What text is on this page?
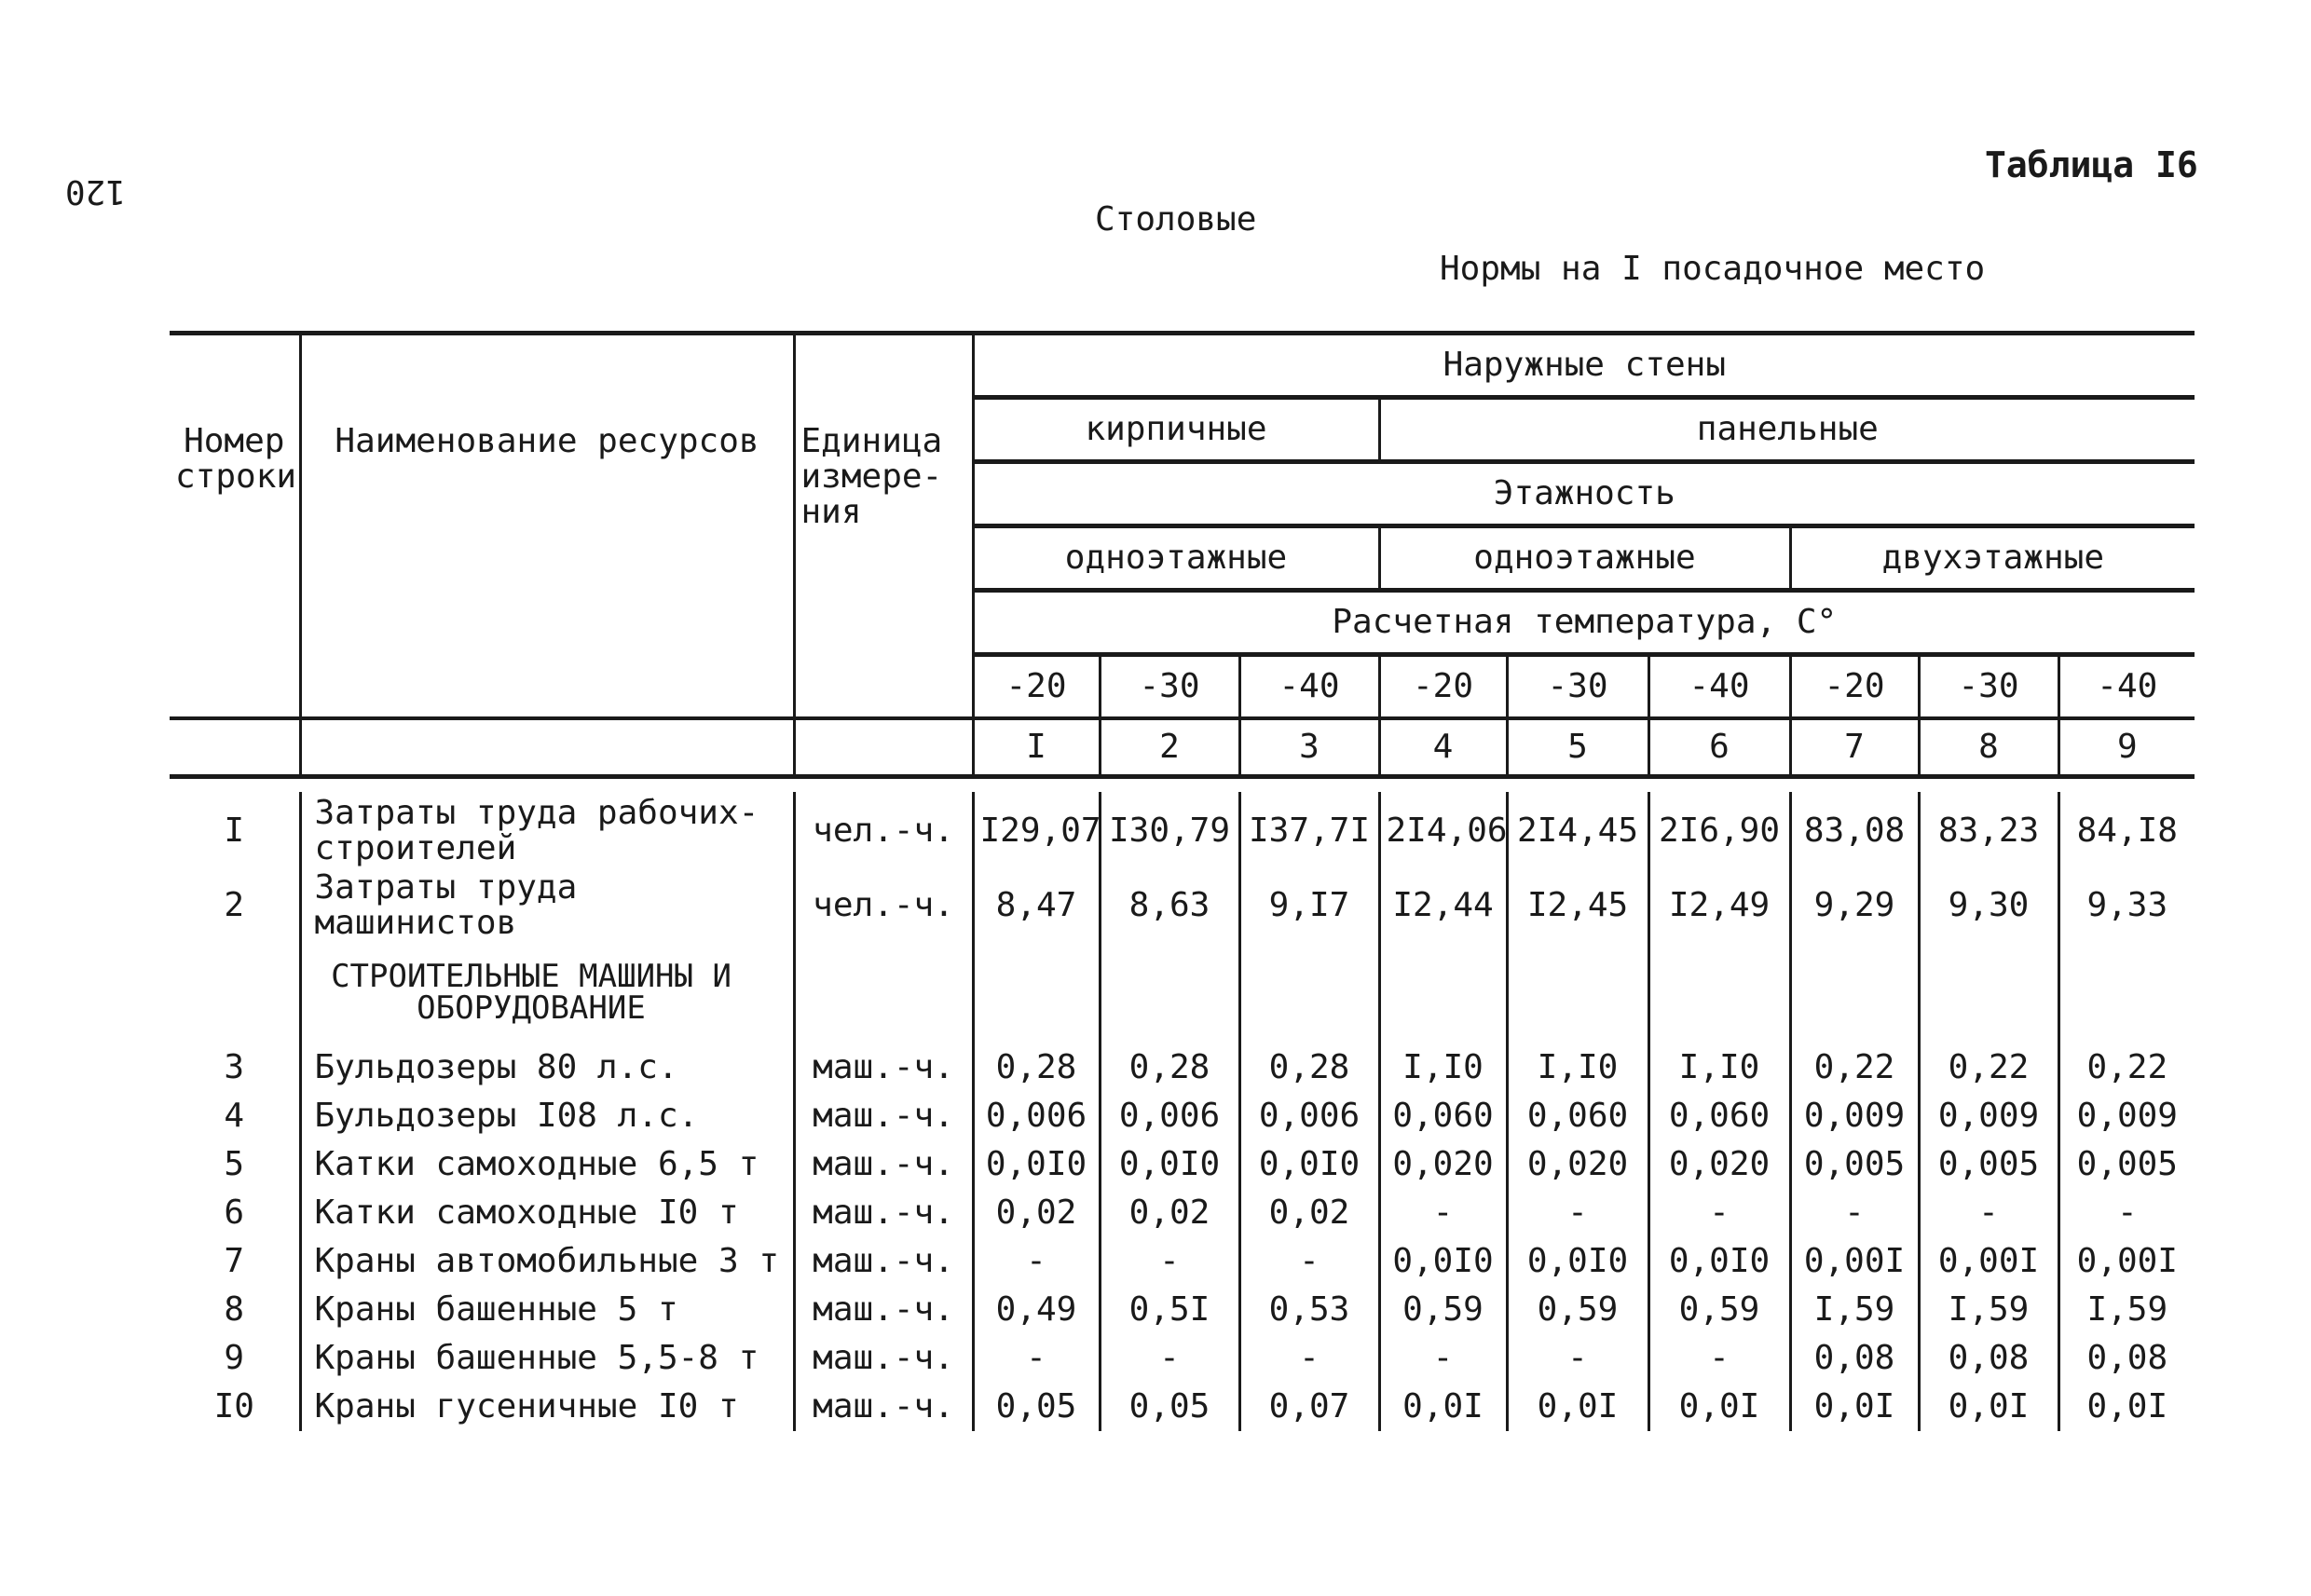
120
Таблица I6
Столовые
Нормы на I посадочное место
Номер строки	Наименование ресурсов	Единица измере-ния	Наружные стены								
			кирпичные			панельные					
			Этажность								
			одноэтажные			одноэтажные			двухэтажные		
			Расчетная температура, С°								
			-20	-30	-40	-20	-30	-40	-20	-30	-40
			I	2	3	4	5	6	7	8	9

I	Затраты труда рабочих-строителей	чел.-ч.	I29,07	I30,79	I37,7I	2I4,06	2I4,45	2I6,90	83,08	83,23	84,I8
2	Затраты труда машинистов	чел.-ч.	8,47	8,63	9,I7	I2,44	I2,45	I2,49	9,29	9,30	9,33
	СТРОИТЕЛЬНЫЕ МАШИНЫ И ОБОРУДОВАНИЕ										
3	Бульдозеры 80 л.с.	маш.-ч.	0,28	0,28	0,28	I,I0	I,I0	I,I0	0,22	0,22	0,22
4	Бульдозеры I08 л.с.	маш.-ч.	0,006	0,006	0,006	0,060	0,060	0,060	0,009	0,009	0,009
5	Катки самоходные 6,5 т	маш.-ч.	0,0I0	0,0I0	0,0I0	0,020	0,020	0,020	0,005	0,005	0,005
6	Катки самоходные I0 т	маш.-ч.	0,02	0,02	0,02	-	-	-	-	-	-
7	Краны автомобильные 3 т	маш.-ч.	-	-	-	0,0I0	0,0I0	0,0I0	0,00I	0,00I	0,00I
8	Краны башенные 5 т	маш.-ч.	0,49	0,5I	0,53	0,59	0,59	0,59	I,59	I,59	I,59
9	Краны башенные 5,5-8 т	маш.-ч.	-	-	-	-	-	-	0,08	0,08	0,08
I0	Краны гусеничные I0 т	маш.-ч.	0,05	0,05	0,07	0,0I	0,0I	0,0I	0,0I	0,0I	0,0I
